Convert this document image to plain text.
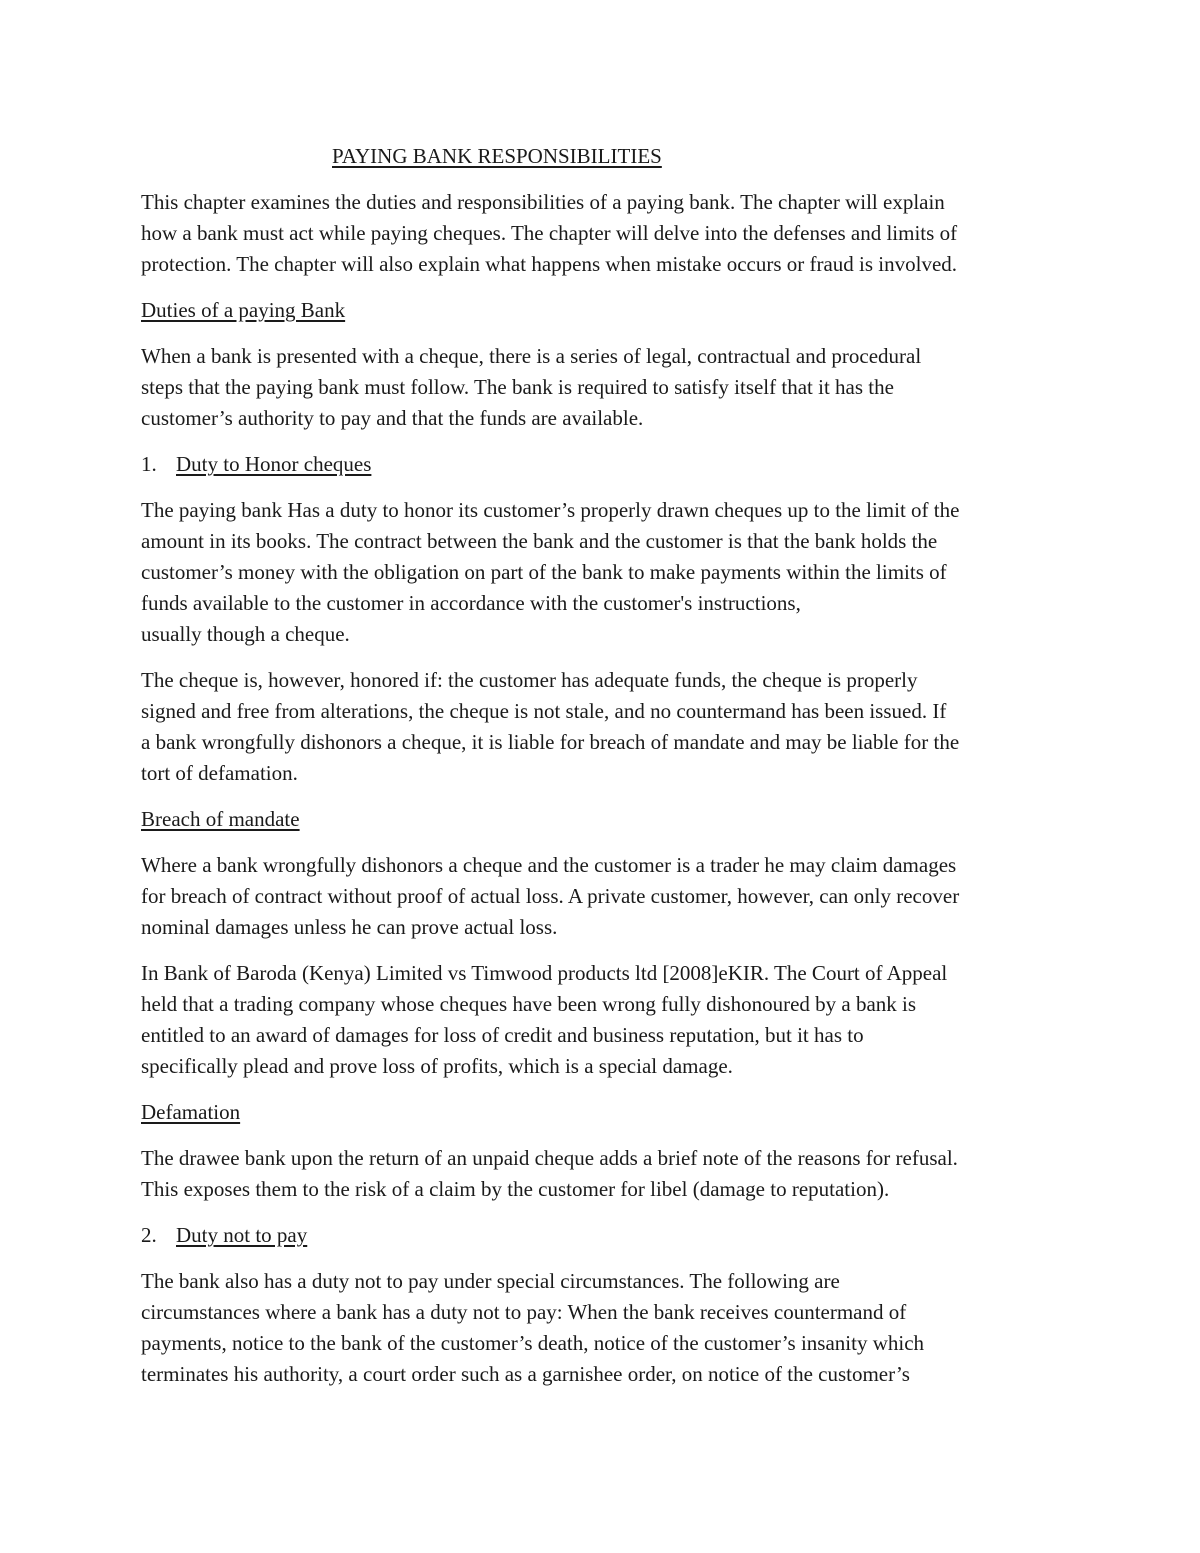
PAYING BANK RESPONSIBILITIES

This chapter examines the duties and responsibilities of a paying bank. The chapter will explain
how a bank must act while paying cheques. The chapter will delve into the defenses and limits of
protection. The chapter will also explain what happens when mistake occurs or fraud is involved.

Duties of a paying Bank

When a bank is presented with a cheque, there is a series of legal, contractual and procedural
steps that the paying bank must follow. The bank is required to satisfy itself that it has the
customer’s authority to pay and that the funds are available.

1. Duty to Honor cheques

The paying bank Has a duty to honor its customer’s properly drawn cheques up to the limit of the
amount in its books. The contract between the bank and the customer is that the bank holds the
customer’s money with the obligation on part of the bank to make payments within the limits of
funds available to the customer in accordance with the customer's instructions,
usually though a cheque.

The cheque is, however, honored if: the customer has adequate funds, the cheque is properly
signed and free from alterations, the cheque is not stale, and no countermand has been issued. If
a bank wrongfully dishonors a cheque, it is liable for breach of mandate and may be liable for the
tort of defamation.

Breach of mandate

Where a bank wrongfully dishonors a cheque and the customer is a trader he may claim damages
for breach of contract without proof of actual loss. A private customer, however, can only recover
nominal damages unless he can prove actual loss.

In Bank of Baroda (Kenya) Limited vs Timwood products ltd [2008]eKIR. The Court of Appeal
held that a trading company whose cheques have been wrong fully dishonoured by a bank is
entitled to an award of damages for loss of credit and business reputation, but it has to
specifically plead and prove loss of profits, which is a special damage.

Defamation

The drawee bank upon the return of an unpaid cheque adds a brief note of the reasons for refusal.
This exposes them to the risk of a claim by the customer for libel (damage to reputation).

2. Duty not to pay

The bank also has a duty not to pay under special circumstances. The following are
circumstances where a bank has a duty not to pay: When the bank receives countermand of
payments, notice to the bank of the customer’s death, notice of the customer’s insanity which
terminates his authority, a court order such as a garnishee order, on notice of the customer’s
